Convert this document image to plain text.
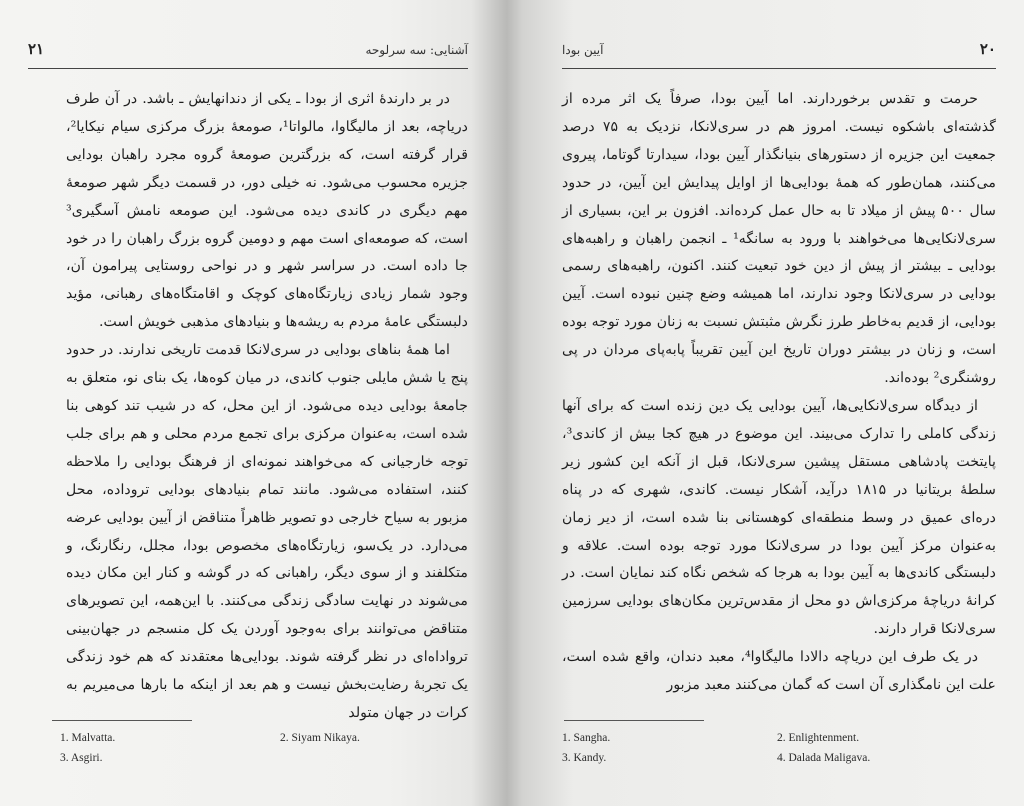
۲۱	آشنایی: سه سرلوحه

در بر دارندهٔ اثری از بودا ـ یکی از دندانهایش ـ باشد. در آن طرف دریاچه، بعد از مالیگاوا، مالواتا¹، صومعهٔ بزرگ مرکزی سیام نیکایا²، قرار گرفته است، که بزرگترین صومعهٔ گروه مجرد راهبان بودایی جزیره محسوب می‌شود. نه خیلی دور، در قسمت دیگر شهر صومعهٔ مهم دیگری در کاندی دیده می‌شود. این صومعه نامش آسگیری³ است، که صومعه‌ای است مهم و دومین گروه بزرگ راهبان را در خود جا داده است. در سراسر شهر و در نواحی روستایی پیرامون آن، وجود شمار زیادی زیارتگاه‌های کوچک و اقامتگاه‌های رهبانی، مؤید دلبستگی عامهٔ مردم به ریشه‌ها و بنیادهای مذهبی خویش است.

اما همهٔ بناهای بودایی در سری‌لانکا قدمت تاریخی ندارند. در حدود پنج یا شش مایلی جنوب کاندی، در میان کوه‌ها، یک بنای نو، متعلق به جامعهٔ بودایی دیده می‌شود. از این محل، که در شیب تند کوهی بنا شده است، به‌عنوان مرکزی برای تجمع مردم محلی و هم برای جلب توجه خارجیانی که می‌خواهند نمونه‌ای از فرهنگ بودایی را ملاحظه کنند، استفاده می‌شود. مانند تمام بنیادهای بودایی تروداده، محل مزبور به سیاح خارجی دو تصویر ظاهراً متناقض از آیین بودایی عرضه می‌دارد. در یک‌سو، زیارتگاه‌های مخصوص بودا، مجلل، رنگارنگ، و متکلفند و از سوی دیگر، راهبانی که در گوشه و کنار این مکان دیده می‌شوند در نهایت سادگی زندگی می‌کنند. با این‌همه، این تصویرهای متناقض می‌توانند برای به‌وجود آوردن یک کل منسجم در جهان‌بینی ترواداه‌ای در نظر گرفته شوند. بودایی‌ها معتقدند که هم خود زندگی یک تجربهٔ رضایت‌بخش نیست و هم بعد از اینکه ما بارها می‌میریم به کرات در جهان متولد

1. Malvatta.	2. Siyam Nikaya.
3. Asgiri.
آیین بودا	۲۰

حرمت و تقدس برخوردارند. اما آیین بودا، صرفاً یک اثر مرده از گذشته‌ای باشکوه نیست. امروز هم در سری‌لانکا، نزدیک به ۷۵ درصد جمعیت این جزیره از دستورهای بنیانگذار آیین بودا، سیدارتا گوتاما، پیروی می‌کنند، همان‌طور که همهٔ بودایی‌ها از اوایل پیدایش این آیین، در حدود سال ۵۰۰ پیش از میلاد تا به حال عمل کرده‌اند. افزون بر این، بسیاری از سری‌لانکایی‌ها می‌خواهند با ورود به سانگه¹ ـ انجمن راهبان و راهبه‌های بودایی ـ بیشتر از پیش از دین خود تبعیت کنند. اکنون، راهبه‌های رسمی بودایی در سری‌لانکا وجود ندارند، اما همیشه وضع چنین نبوده است. آیین بودایی، از قدیم به‌خاطر طرز نگرش مثبتش نسبت به زنان مورد توجه بوده است، و زنان در بیشتر دوران تاریخ این آیین تقریباً پابه‌پای مردان در پی روشنگری² بوده‌اند.

از دیدگاه سری‌لانکایی‌ها، آیین بودایی یک دین زنده است که برای آنها زندگی کاملی را تدارک می‌بیند. این موضوع در هیچ کجا بیش از کاندی³، پایتخت پادشاهی مستقل پیشین سری‌لانکا، قبل از آنکه این کشور زیر سلطهٔ بریتانیا در ۱۸۱۵ درآید، آشکار نیست. کاندی، شهری که در پناه دره‌ای عمیق در وسط منطقه‌ای کوهستانی بنا شده است، از دیر زمان به‌عنوان مرکز آیین بودا در سری‌لانکا مورد توجه بوده است. علاقه و دلبستگی کاندی‌ها به آیین بودا به هرجا که شخص نگاه کند نمایان است. در کرانهٔ دریاچهٔ مرکزی‌اش دو محل از مقدس‌ترین مکان‌های بودایی سرزمین سری‌لانکا قرار دارند.

در یک طرف این دریاچه دالادا مالیگاوا⁴، معبد دندان، واقع شده است، علت این نامگذاری آن است که گمان می‌کنند معبد مزبور

1. Sangha.	2. Enlightenment.
3. Kandy.	4. Dalada Maligava.
